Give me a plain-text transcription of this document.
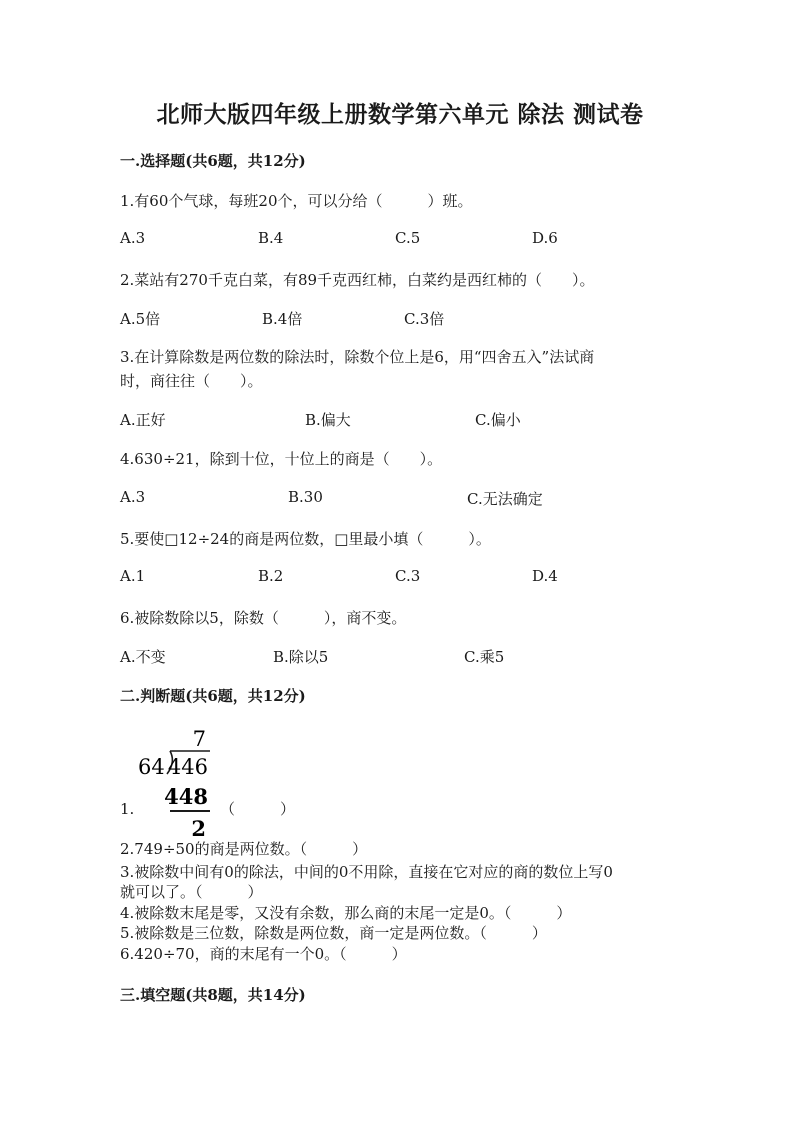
北师大版四年级上册数学第六单元 除法 测试卷
一.选择题(共6题，共12分)
1.有60个气球，每班20个，可以分给（　　　）班。
A.3	B.4	C.5	D.6
2.菜站有270千克白菜，有89千克西红柿，白菜约是西红柿的（　　）。
A.5倍	B.4倍	C.3倍
3.在计算除数是两位数的除法时，除数个位上是6，用“四舍五入”法试商
时，商往往（　　）。
A.正好	B.偏大	C.偏小
4.630÷21，除到十位，十位上的商是（　　）。
A.3	B.30	C.无法确定
5.要使□12÷24的商是两位数，□里最小填（　　　）。
A.1	B.2	C.3	D.4
6.被除数除以5，除数（　　　），商不变。
A.不变	B.除以5	C.乘5
二.判断题(共6题，共12分)
7
64 446
448
2
1.	（　　　）
2.749÷50的商是两位数。（　　　）
3.被除数中间有0的除法，中间的0不用除，直接在它对应的商的数位上写0
就可以了。（　　　）
4.被除数末尾是零，又没有余数，那么商的末尾一定是0。（　　　）
5.被除数是三位数，除数是两位数，商一定是两位数。（　　　）
6.420÷70，商的末尾有一个0。（　　　）
三.填空题(共8题，共14分)
